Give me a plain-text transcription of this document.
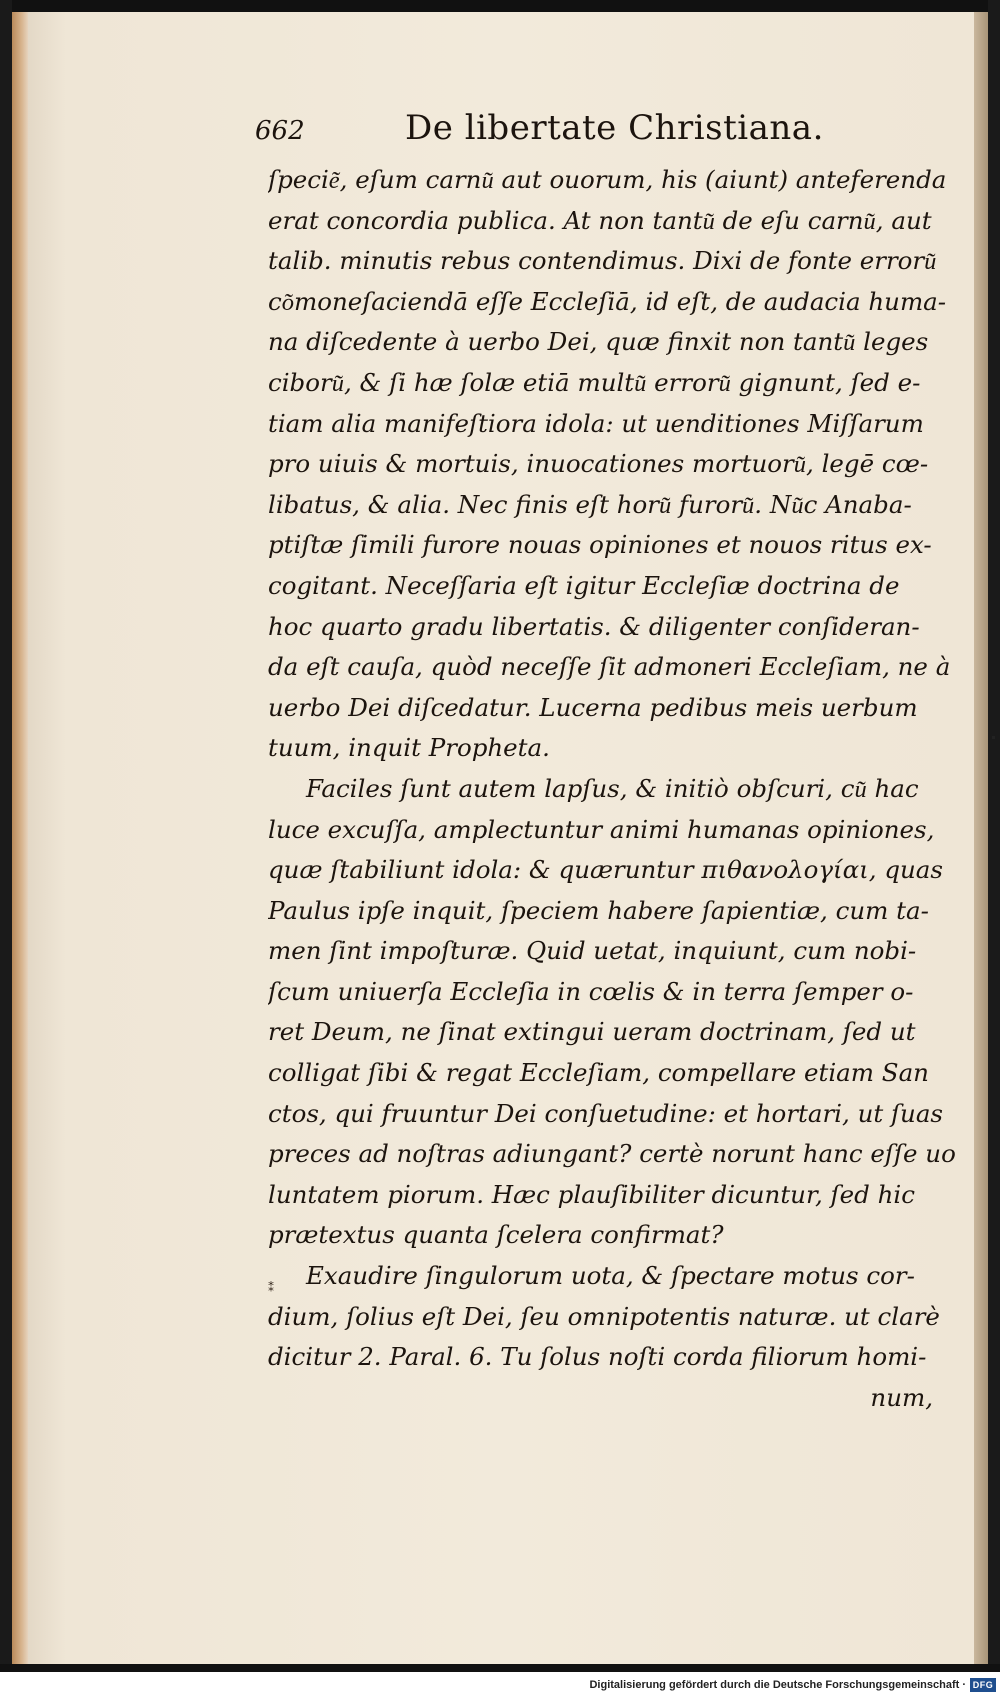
662	De libertate Christiana.
ſpecie͂, eſum carnu͂ aut ouorum, his (aiunt) anteferenda
erat concordia publica. At non tantu͂ de eſu carnu͂, aut
talib. minutis rebus contendimus. Dixi de fonte erroru͂
co͂moneſaciendā eſſe Eccleſiā, id eſt, de audacia huma-
na diſcedente à uerbo Dei, quæ finxit non tantu͂ leges
ciboru͂, & ſi hæ ſolæ etiā multu͂ erroru͂ gignunt, ſed e-
tiam alia manifeſtiora idola: ut uenditiones Miſſarum
pro uiuis & mortuis, inuocationes mortuoru͂, legē cœ-
libatus, & alia. Nec finis eſt horu͂ furoru͂. Nu͂c Anaba-
ptiſtæ ſimili furore nouas opiniones et nouos ritus ex-
cogitant. Neceſſaria eſt igitur Eccleſiæ doctrina de
hoc quarto gradu libertatis. & diligenter conſideran-
da eſt cauſa, quòd neceſſe ſit admoneri Eccleſiam, ne à
uerbo Dei diſcedatur. Lucerna pedibus meis uerbum
tuum, inquit Propheta.
Faciles ſunt autem lapſus, & initiò obſcuri, cu͂ hac
luce excuſſa, amplectuntur animi humanas opiniones,
quæ ſtabiliunt idola: & quæruntur πιθανολογίαι, quas
Paulus ipſe inquit, ſpeciem habere ſapientiæ, cum ta-
men ſint impoſturæ. Quid uetat, inquiunt, cum nobi-
ſcum uniuerſa Eccleſia in cœlis & in terra ſemper o-
ret Deum, ne ſinat extingui ueram doctrinam, ſed ut
colligat ſibi & regat Eccleſiam, compellare etiam San
ctos, qui fruuntur Dei conſuetudine: et hortari, ut ſuas
preces ad noſtras adiungant? certè norunt hanc eſſe uo
luntatem piorum. Hæc plauſibiliter dicuntur, ſed hic
prætextus quanta ſcelera confirmat?
Exaudire ſingulorum uota, & ſpectare motus cor-
dium, ſolius eſt Dei, ſeu omnipotentis naturæ. ut clarè
dicitur 2. Paral. 6. Tu ſolus noſti corda filiorum homi-
num,
⁑
Digitalisierung gefördert durch die Deutsche Forschungsgemeinschaft · DFG
